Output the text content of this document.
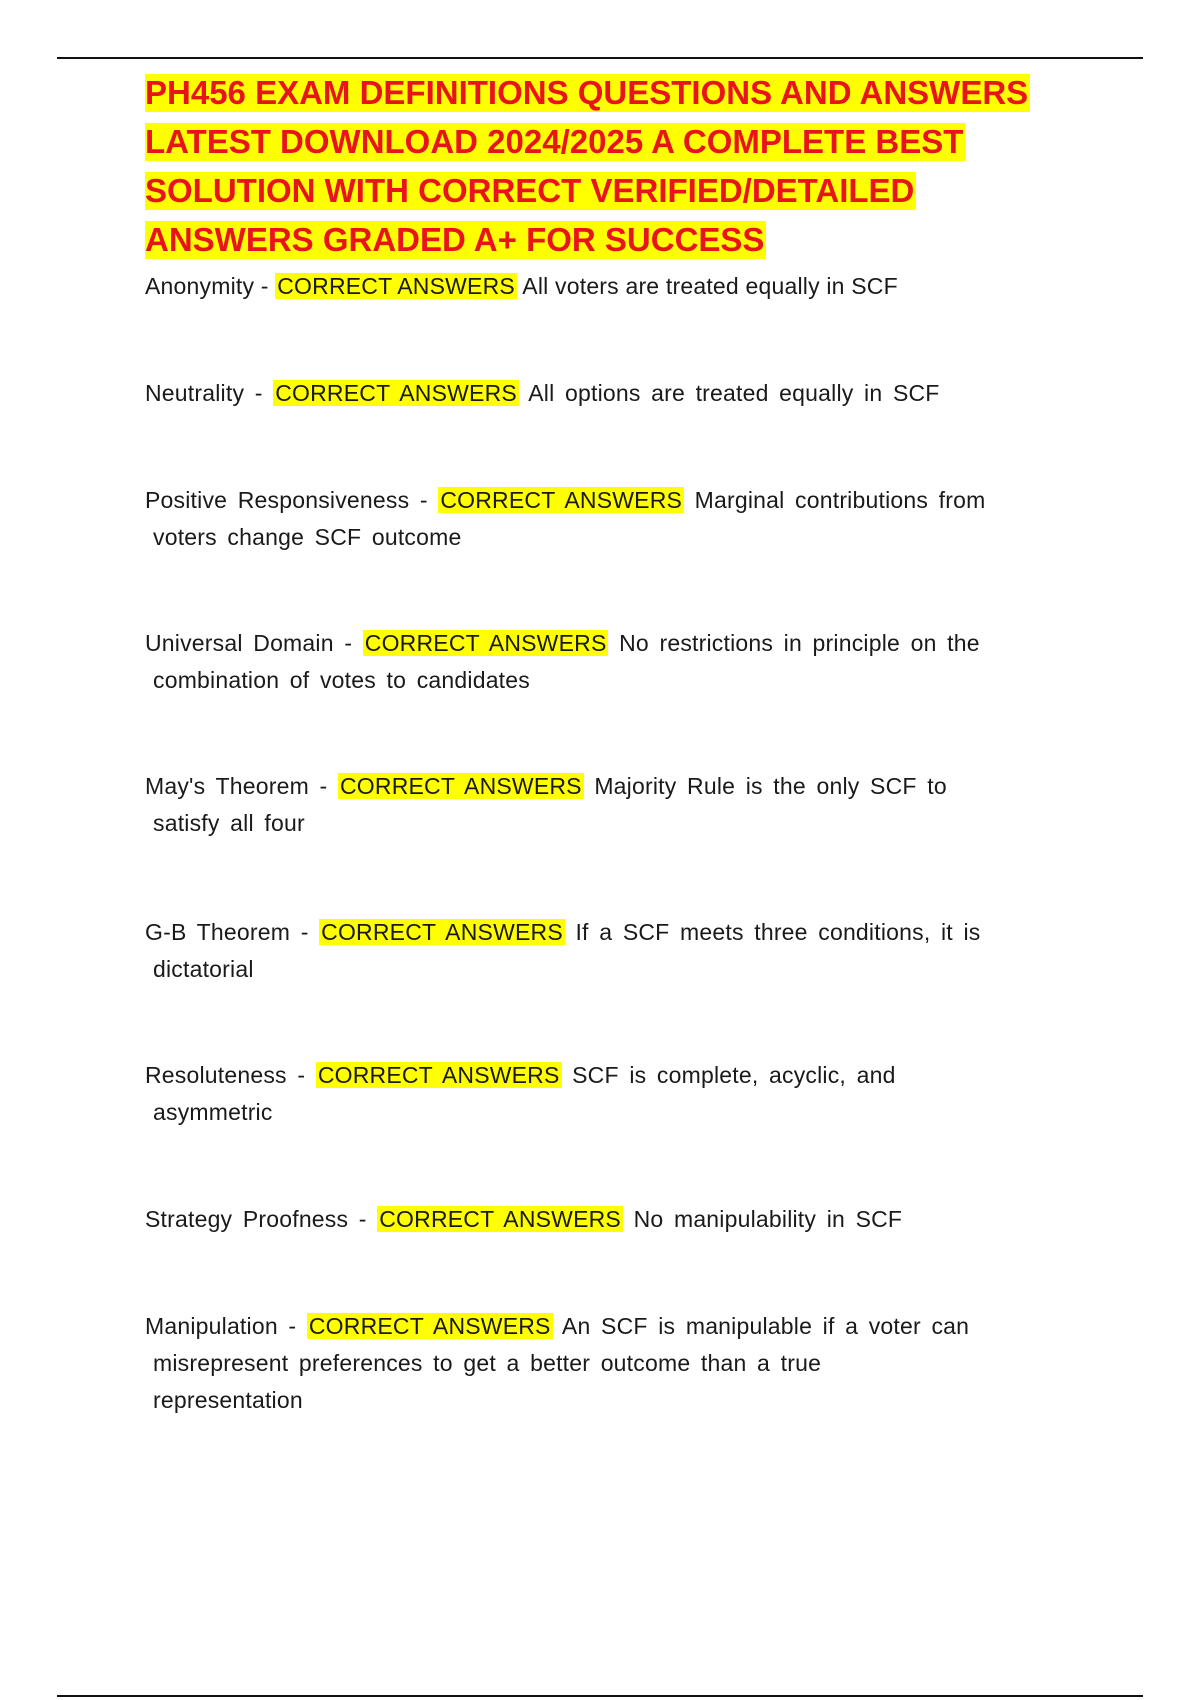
PH456 EXAM DEFINITIONS QUESTIONS AND ANSWERS
LATEST DOWNLOAD 2024/2025 A COMPLETE BEST
SOLUTION WITH CORRECT VERIFIED/DETAILED
ANSWERS GRADED A+ FOR SUCCESS
Anonymity - CORRECT ANSWERS All voters are treated equally in SCF
Neutrality - CORRECT ANSWERS All options are treated equally in SCF
Positive Responsiveness - CORRECT ANSWERS Marginal contributions from
voters change SCF outcome
Universal Domain - CORRECT ANSWERS No restrictions in principle on the
combination of votes to candidates
May's Theorem - CORRECT ANSWERS Majority Rule is the only SCF to
satisfy all four
G-B Theorem - CORRECT ANSWERS If a SCF meets three conditions, it is
dictatorial
Resoluteness - CORRECT ANSWERS SCF is complete, acyclic, and
asymmetric
Strategy Proofness - CORRECT ANSWERS No manipulability in SCF
Manipulation - CORRECT ANSWERS An SCF is manipulable if a voter can
misrepresent preferences to get a better outcome than a true
representation
